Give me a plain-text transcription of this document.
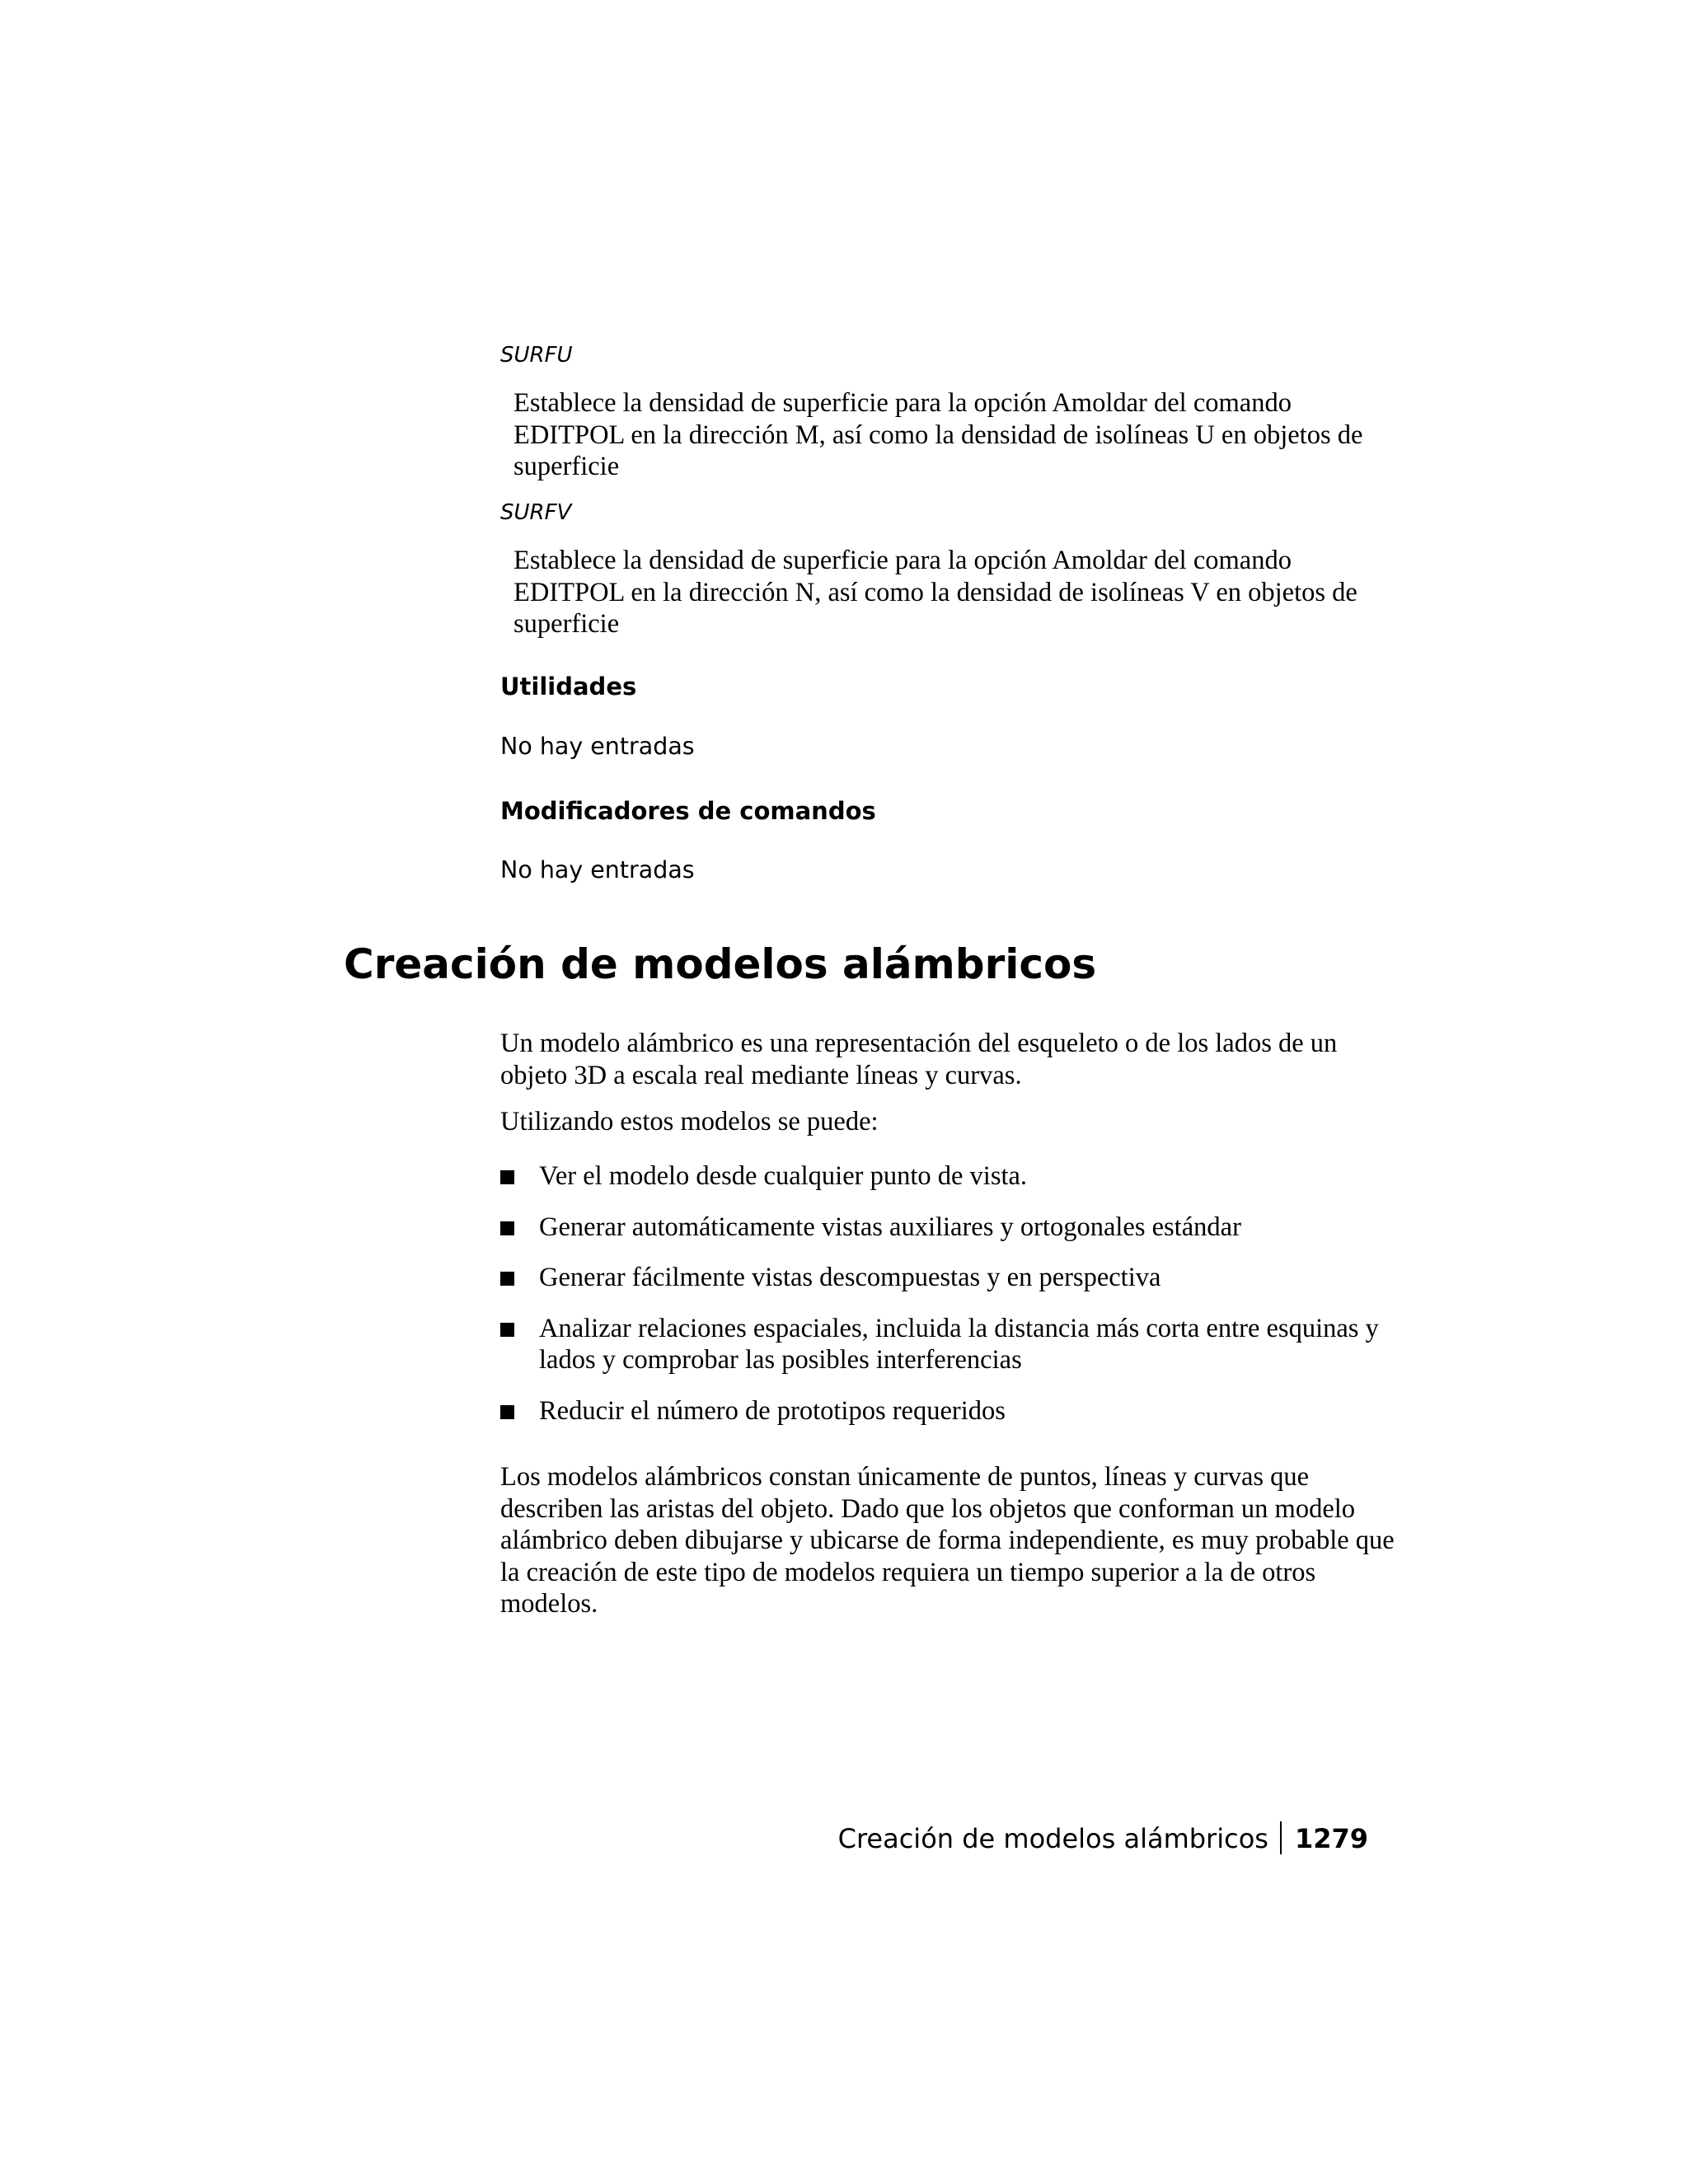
SURFU

Establece la densidad de superficie para la opción Amoldar del comando EDITPOL en la dirección M, así como la densidad de isolíneas U en objetos de superficie

SURFV

Establece la densidad de superficie para la opción Amoldar del comando EDITPOL en la dirección N, así como la densidad de isolíneas V en objetos de superficie

Utilidades

No hay entradas

Modificadores de comandos

No hay entradas

Creación de modelos alámbricos

Un modelo alámbrico es una representación del esqueleto o de los lados de un objeto 3D a escala real mediante líneas y curvas.

Utilizando estos modelos se puede:

Ver el modelo desde cualquier punto de vista.
Generar automáticamente vistas auxiliares y ortogonales estándar
Generar fácilmente vistas descompuestas y en perspectiva
Analizar relaciones espaciales, incluida la distancia más corta entre esquinas y lados y comprobar las posibles interferencias
Reducir el número de prototipos requeridos

Los modelos alámbricos constan únicamente de puntos, líneas y curvas que describen las aristas del objeto. Dado que los objetos que conforman un modelo alámbrico deben dibujarse y ubicarse de forma independiente, es muy probable que la creación de este tipo de modelos requiera un tiempo superior a la de otros modelos.

Creación de modelos alámbricos 1279
